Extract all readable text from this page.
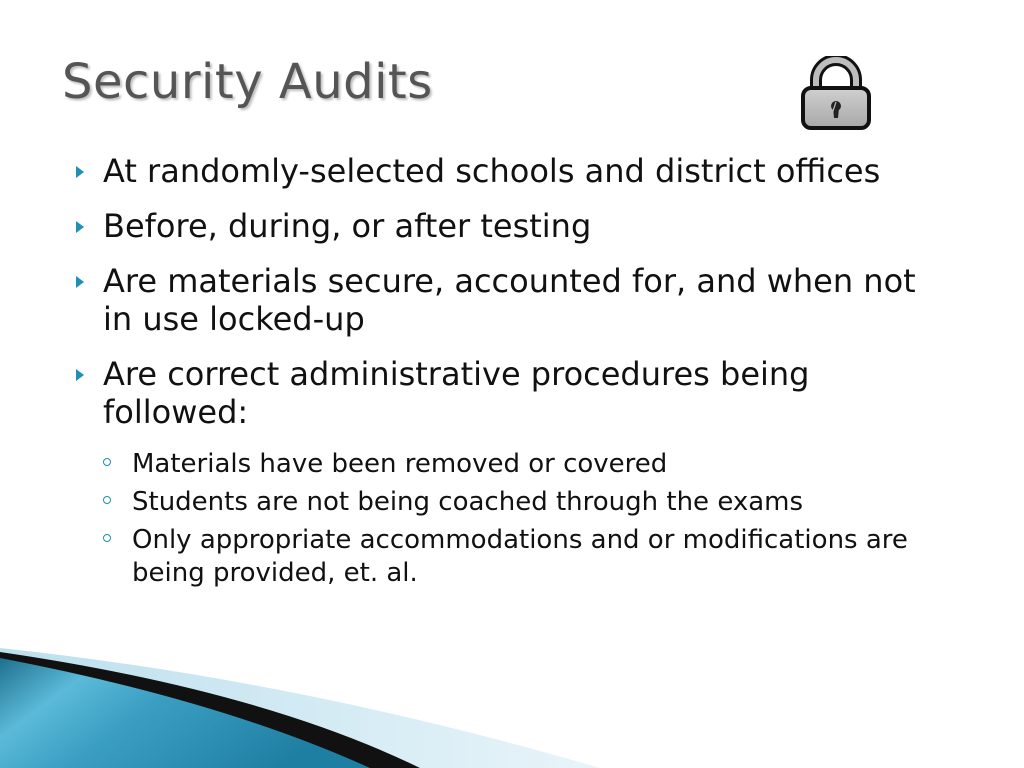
Security Audits
At randomly-selected schools and district offices
Before, during, or after testing
Are materials secure, accounted for, and when not in use locked-up
Are correct administrative procedures being followed:
Materials have been removed or covered
Students are not being coached through the exams
Only appropriate accommodations and or modifications are being provided, et. al.
